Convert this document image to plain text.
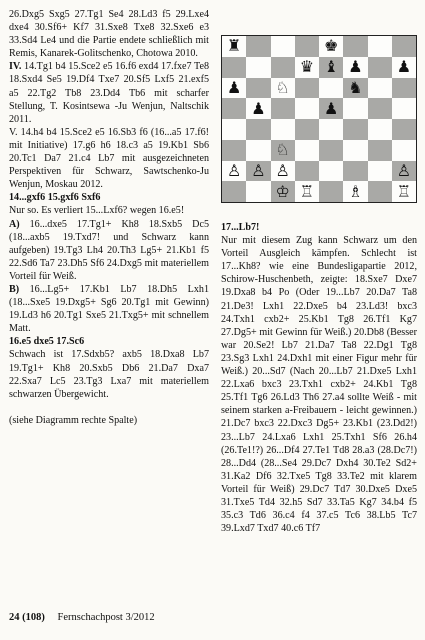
26.Dxg5 Sxg5 27.Tg1 Se4 28.Ld3 f5 29.Lxe4 dxe4 30.Sf6+ Kf7 31.Sxe8 Txe8 32.Sxe6 e3 33.Sd4 Le4 und die Partie endete schließlich mit Remis, Kanarek-Golitschenko, Chotowa 2010.

IV. 14.Tg1 b4 15.Sce2 e5 16.f6 exd4 17.fxe7 Te8 18.Sxd4 Se5 19.Df4 Txe7 20.Sf5 Lxf5 21.exf5 a5 22.Tg2 Tb8 23.Dd4 Tb6 mit scharfer Stellung, T. Kosintsewa -Ju Wenjun, Naltschik 2011.

V. 14.h4 b4 15.Sce2 e5 16.Sb3 f6 (16...a5 17.f6! mit Initiative) 17.g6 h6 18.c3 a5 19.Kb1 Sb6 20.Tc1 Da7 21.c4 Lb7 mit ausgezeichneten Perspektiven für Schwarz, Sawtschenko-Ju Wenjun, Moskau 2012.

14...gxf6 15.gxf6 Sxf6

Nur so. Es verliert 15...Lxf6? wegen 16.e5!

A) 16...dxe5 17.Tg1+ Kh8 18.Sxb5 Dc5 (18...axb5 19.Txd7! und Schwarz kann aufgeben) 19.Tg3 Lh4 20.Th3 Lg5+ 21.Kb1 f5 22.Sd6 Ta7 23.Dh5 Sf6 24.Dxg5 mit materiellem Vorteil für Weiß.

B) 16...Lg5+ 17.Kb1 Lb7 18.Dh5 Lxh1 (18...Sxe5 19.Dxg5+ Sg6 20.Tg1 mit Gewinn) 19.Ld3 h6 20.Tg1 Sxe5 21.Txg5+ mit schnellem Matt.

16.e5 dxe5 17.Sc6

Schwach ist 17.Sdxb5? axb5 18.Dxa8 Lb7 19.Tg1+ Kh8 20.Sxb5 Db6 21.Da7 Dxa7 22.Sxa7 Lc5 23.Tg3 Lxa7 mit materiellem schwarzen Übergewicht.

(siehe Diagramm rechte Spalte)

♜	♚
♛ ♝ ♟	♟
♟	♘	♞
♟	♟
♘
♙ ♙ ♙	♙
♔ ♖	♗	♖

17...Lb7!

Nur mit diesem Zug kann Schwarz um den Vorteil Ausgleich kämpfen. Schlecht ist 17...Kh8? wie eine Bundesligapartie 2012, Schirow-Huschenbeth, zeigte: 18.Sxe7 Dxe7 19.Dxa8 b4 Po (Oder 19...Lb7 20.Da7 Ta8 21.De3! Lxh1 22.Dxe5 b4 23.Ld3! bxc3 24.Txh1 cxb2+ 25.Kb1 Tg8 26.Tf1 Kg7 27.Dg5+ mit Gewinn für Weiß.) 20.Db8 (Besser war 20.Se2! Lb7 21.Da7 Ta8 22.Dg1 Tg8 23.Sg3 Lxh1 24.Dxh1 mit einer Figur mehr für Weiß.) 20...Sd7 (Nach 20...Lb7 21.Dxe5 Lxh1 22.Lxa6 bxc3 23.Txh1 cxb2+ 24.Kb1 Tg8 25.Tf1 Tg6 26.Ld3 Th6 27.a4 sollte Weiß - mit seinem starken a-Freibauern - leicht gewinnen.) 21.Dc7 bxc3 22.Dxc3 Dg5+ 23.Kb1 (23.Dd2!) 23...Lb7 24.Lxa6 Lxh1 25.Txh1 Sf6 26.h4 (26.Te1!?) 26...Df4 27.Te1 Td8 28.a3 (28.Dc7!) 28...Dd4 (28...Se4 29.Dc7 Dxh4 30.Te2 Sd2+ 31.Ka2 Df6 32.Txe5 Tg8 33.Te2 mit klarem Vorteil für Weiß) 29.Dc7 Td7 30.Dxe5 Dxe5 31.Txe5 Td4 32.h5 Sd7 33.Ta5 Kg7 34.b4 f5 35.c3 Td6 36.c4 f4 37.c5 Tc6 38.Lb5 Tc7 39.Lxd7 Txd7 40.c6 Tf7

24 (108) Fernschachpost 3/2012
